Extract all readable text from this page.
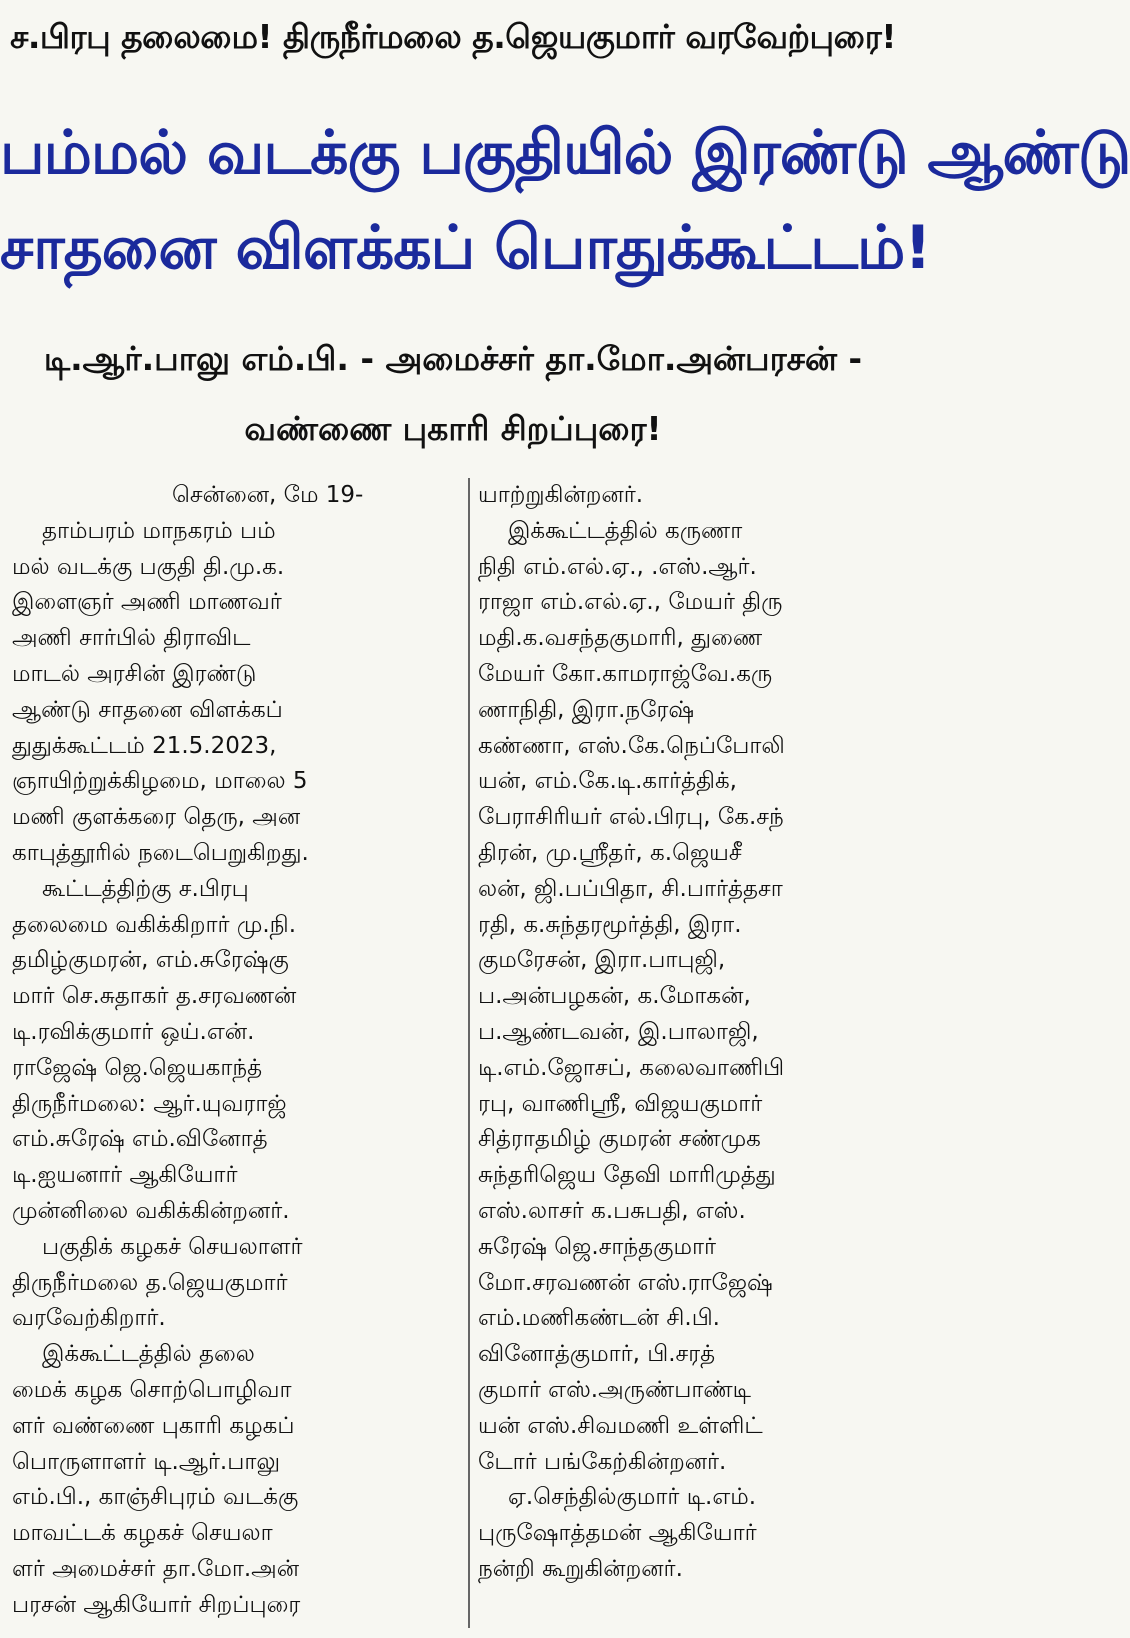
ச.பிரபு தலைமை! திருநீர்மலை த.ஜெயகுமார் வரவேற்புரை!
பம்மல் வடக்கு பகுதியில் இரண்டு ஆண்டு
சாதனை விளக்கப் பொதுக்கூட்டம்!
டி.ஆர்.பாலு எம்.பி. - அமைச்சர் தா.மோ.அன்பரசன் -
வண்ணை புகாரி சிறப்புரை!

சென்னை, மே 19-

தாம்பரம் மாநகரம் பம்

மல் வடக்கு பகுதி தி.மு.க.

இளைஞர் அணி மாணவர்

அணி சார்பில் திராவிட

மாடல் அரசின் இரண்டு

ஆண்டு சாதனை விளக்கப்

துதுக்கூட்டம் 21.5.2023,

ஞாயிற்றுக்கிழமை, மாலை 5

மணி குளக்கரை தெரு, அன

காபுத்தூரில் நடைபெறுகிறது.

கூட்டத்திற்கு ச.பிரபு

தலைமை வகிக்கிறார் மு.நி.

தமிழ்குமரன், எம்.சுரேஷ்கு

மார் செ.சுதாகர் த.சரவணன்

டி.ரவிக்குமார் ஒய்.என்.

ராஜேஷ் ஜெ.ஜெயகாந்த்

திருநீர்மலை: ஆர்.யுவராஜ்

எம்.சுரேஷ் எம்.வினோத்

டி.ஐயனார் ஆகியோர்

முன்னிலை வகிக்கின்றனர்.

பகுதிக் கழகச் செயலாளர்

திருநீர்மலை த.ஜெயகுமார்

வரவேற்கிறார்.

இக்கூட்டத்தில் தலை

மைக் கழக சொற்பொழிவா

ளர் வண்ணை புகாரி கழகப்

பொருளாளர் டி.ஆர்.பாலு

எம்.பி., காஞ்சிபுரம் வடக்கு

மாவட்டக் கழகச் செயலா

ளர் அமைச்சர் தா.மோ.அன்

பரசன் ஆகியோர் சிறப்புரை

யாற்றுகின்றனர்.

இக்கூட்டத்தில் கருணா

நிதி எம்.எல்.ஏ., .எஸ்.ஆர்.

ராஜா எம்.எல்.ஏ., மேயர் திரு

மதி.க.வசந்தகுமாரி, துணை

மேயர் கோ.காமராஜ்வே.கரு

ணாநிதி, இரா.நரேஷ்

கண்ணா, எஸ்.கே.நெப்போலி

யன், எம்.கே.டி.கார்த்திக்,

பேராசிரியர் எல்.பிரபு, கே.சந்

திரன், மு.ஸ்ரீதர், க.ஜெயசீ

லன், ஜி.பப்பிதா, சி.பார்த்தசா

ரதி, க.சுந்தரமூர்த்தி, இரா.

குமரேசன், இரா.பாபுஜி,

ப.அன்பழகன், க.மோகன்,

ப.ஆண்டவன், இ.பாலாஜி,

டி.எம்.ஜோசப், கலைவாணிபி

ரபு, வாணிஸ்ரீ, விஜயகுமார்

சித்ராதமிழ் குமரன் சண்முக

சுந்தரிஜெய தேவி மாரிமுத்து

எஸ்.லாசர் க.பசுபதி, எஸ்.

சுரேஷ் ஜெ.சாந்தகுமார்

மோ.சரவணன் எஸ்.ராஜேஷ்

எம்.மணிகண்டன் சி.பி.

வினோத்குமார், பி.சரத்

குமார் எஸ்.அருண்பாண்டி

யன் எஸ்.சிவமணி உள்ளிட்

டோர் பங்கேற்கின்றனர்.

ஏ.செந்தில்குமார் டி.எம்.

புருஷோத்தமன் ஆகியோர்

நன்றி கூறுகின்றனர்.
